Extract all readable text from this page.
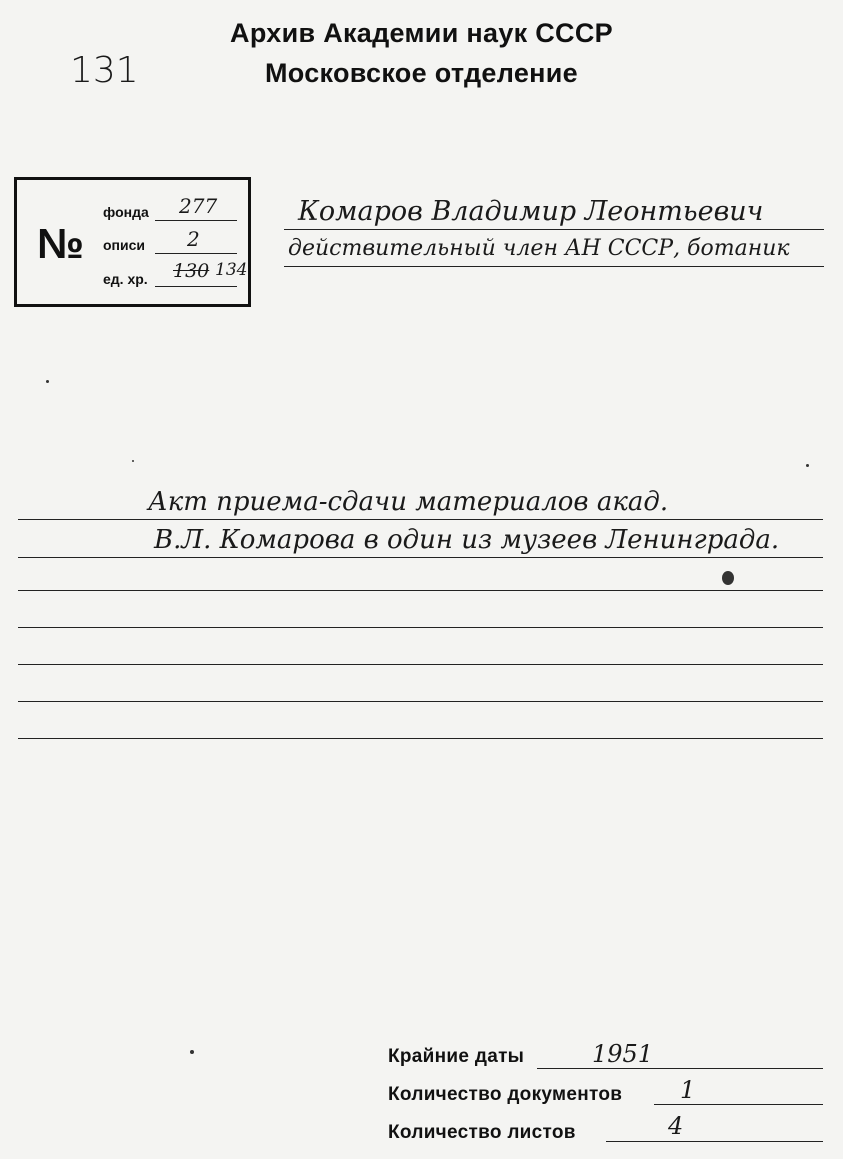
131
Архив Академии наук СССР
Московское отделение
№
фонда 277
описи 2
ед. хр. 130 134
Комаров Владимир Леонтьевич
действительный член АН СССР, ботаник
Акт приема-сдачи материалов акад.
В.Л. Комарова в один из музеев Ленинграда.
Крайние даты	1951
Количество документов 1
Количество листов	4
